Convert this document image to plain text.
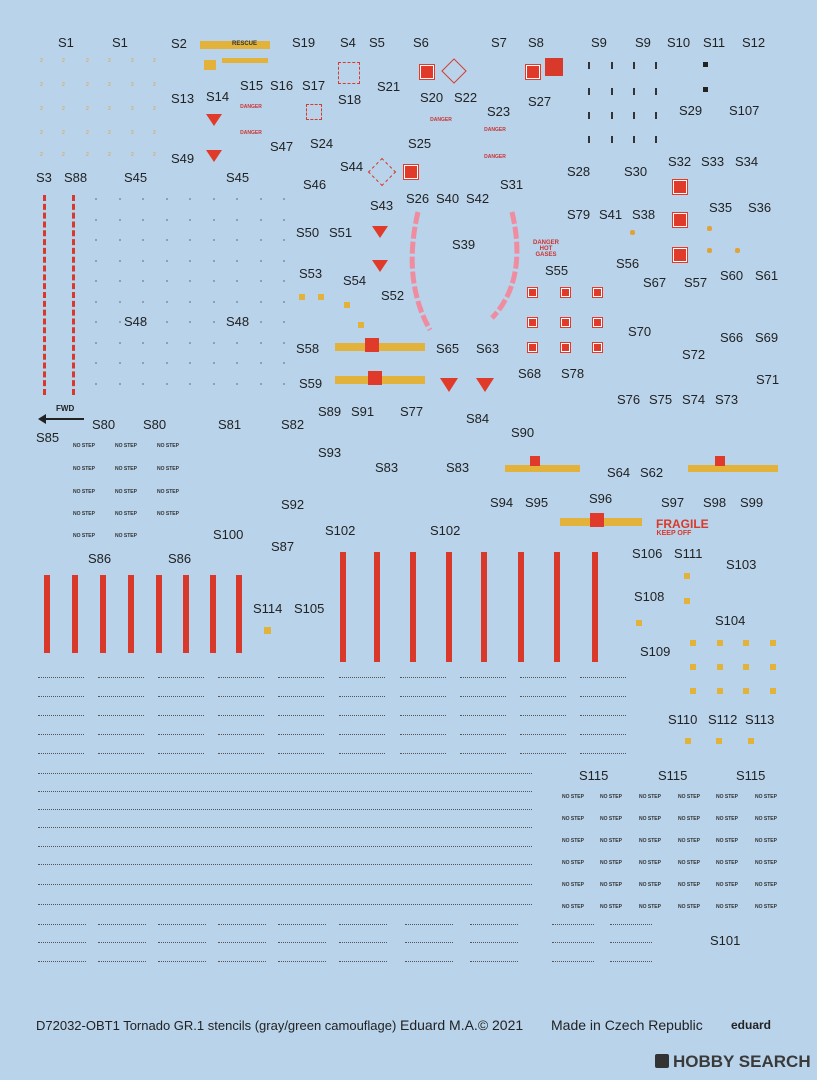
S1	S1	S2	S19 S4 S5 S6	S7 S8	S9 S9 S10 S11 S12
2	2	2	2	2	2
2	2	2	2	2	2
2	2	2	2	2	2
2	2	2	2	2	2
2	2	2	2	2	2
RESCUE
S13 S14
S15 S16 S17
S18
S21
S20 S22
S23
S27
S29 S107
DANGER
DANGER
DANGER
DANGER
DANGER
S47 S24	S25
S49
S44	S32 S33 S34
S28	S30
S3 S88	S45	S45	S46	S31
FWD
S26 S40 S42
S43
S79 S41 S38	S35 S36
S50 S51
S39
S56
S55
S53	S60 S61
S54	S67 S57
S52
S48	S48
S70	S66 S69
S58	S65 S63	S72
S68 S78	S71
S59
S76 S75 S74 S73
S89 S91 S77	S84
S80 S80	S81	S82
S90
S85
S93
S83	S83	S64 S62
S92	S96
S94 S95	S97 S98 S99
S100	S102	S102
S87	S106 S111
S86	S86	S103
S108
S114 S105
S104
S109
S110 S112 S113
S115	S115	S115
S101
DANGER HOT GASES
FRAGILE
KEEP OFF
NO STEP	NO STEP	NO STEP
NO STEP	NO STEP	NO STEP
NO STEP	NO STEP	NO STEP
NO STEP	NO STEP	NO STEP
NO STEP	NO STEP
NO STEP	NO STEP	NO STEP	NO STEP	NO STEP	NO STEP
NO STEP	NO STEP	NO STEP	NO STEP	NO STEP	NO STEP
NO STEP	NO STEP	NO STEP	NO STEP	NO STEP	NO STEP
NO STEP	NO STEP	NO STEP	NO STEP	NO STEP	NO STEP
NO STEP	NO STEP	NO STEP	NO STEP	NO STEP	NO STEP
NO STEP	NO STEP	NO STEP	NO STEP	NO STEP	NO STEP
D72032-OBT1 Tornado GR.1 stencils (gray/green camouflage) Eduard M.A.© 2021 Made in Czech Republic eduard
HOBBY SEARCH
